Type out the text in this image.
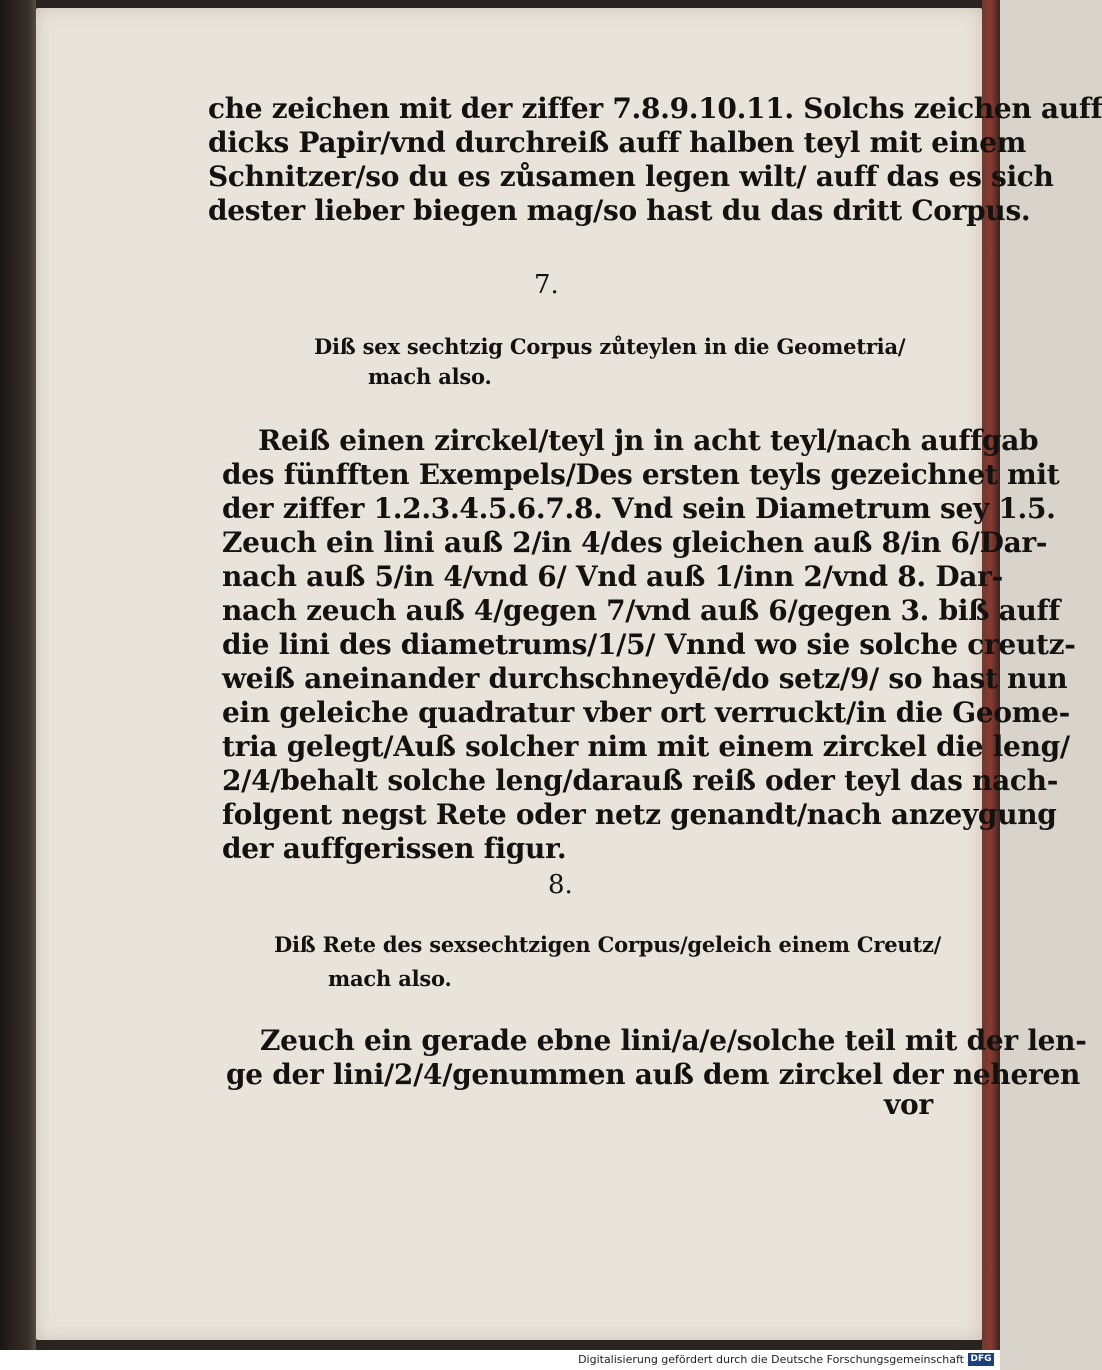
che zeichen mit der ziffer 7.8.9.10.11. Solchs zeichen auff
dicks Papir/vnd durchreiß auff halben teyl mit einem
Schnitzer/so du es zůsamen legen wilt/ auff das es sich
dester lieber biegen mag/so hast du das dritt Corpus.
7.
Diß sex sechtzig Corpus zůteylen in die Geometria/
mach also.
Reiß einen zirckel/teyl jn in acht teyl/nach auffgab
des fünfften Exempels/Des ersten teyls gezeichnet mit
der ziffer 1.2.3.4.5.6.7.8. Vnd sein Diametrum sey 1.5.
Zeuch ein lini auß 2/in 4/des gleichen auß 8/in 6/Dar-
nach auß 5/in 4/vnd 6/ Vnd auß 1/inn 2/vnd 8. Dar-
nach zeuch auß 4/gegen 7/vnd auß 6/gegen 3. biß auff
die lini des diametrums/1/5/ Vnnd wo sie solche creutz-
weiß aneinander durchschneydē/do setz/9/ so hast nun
ein geleiche quadratur vber ort verruckt/in die Geome-
tria gelegt/Auß solcher nim mit einem zirckel die leng/
2/4/behalt solche leng/darauß reiß oder teyl das nach-
folgent negst Rete oder netz genandt/nach anzeygung
der auffgerissen figur.
8.
Diß Rete des sexsechtzigen Corpus/geleich einem Creutz/
mach also.
Zeuch ein gerade ebne lini/a/e/solche teil mit der len-
ge der lini/2/4/genummen auß dem zirckel der neheren
vor
Digitalisierung gefördert durch die Deutsche Forschungsgemeinschaft DFG
